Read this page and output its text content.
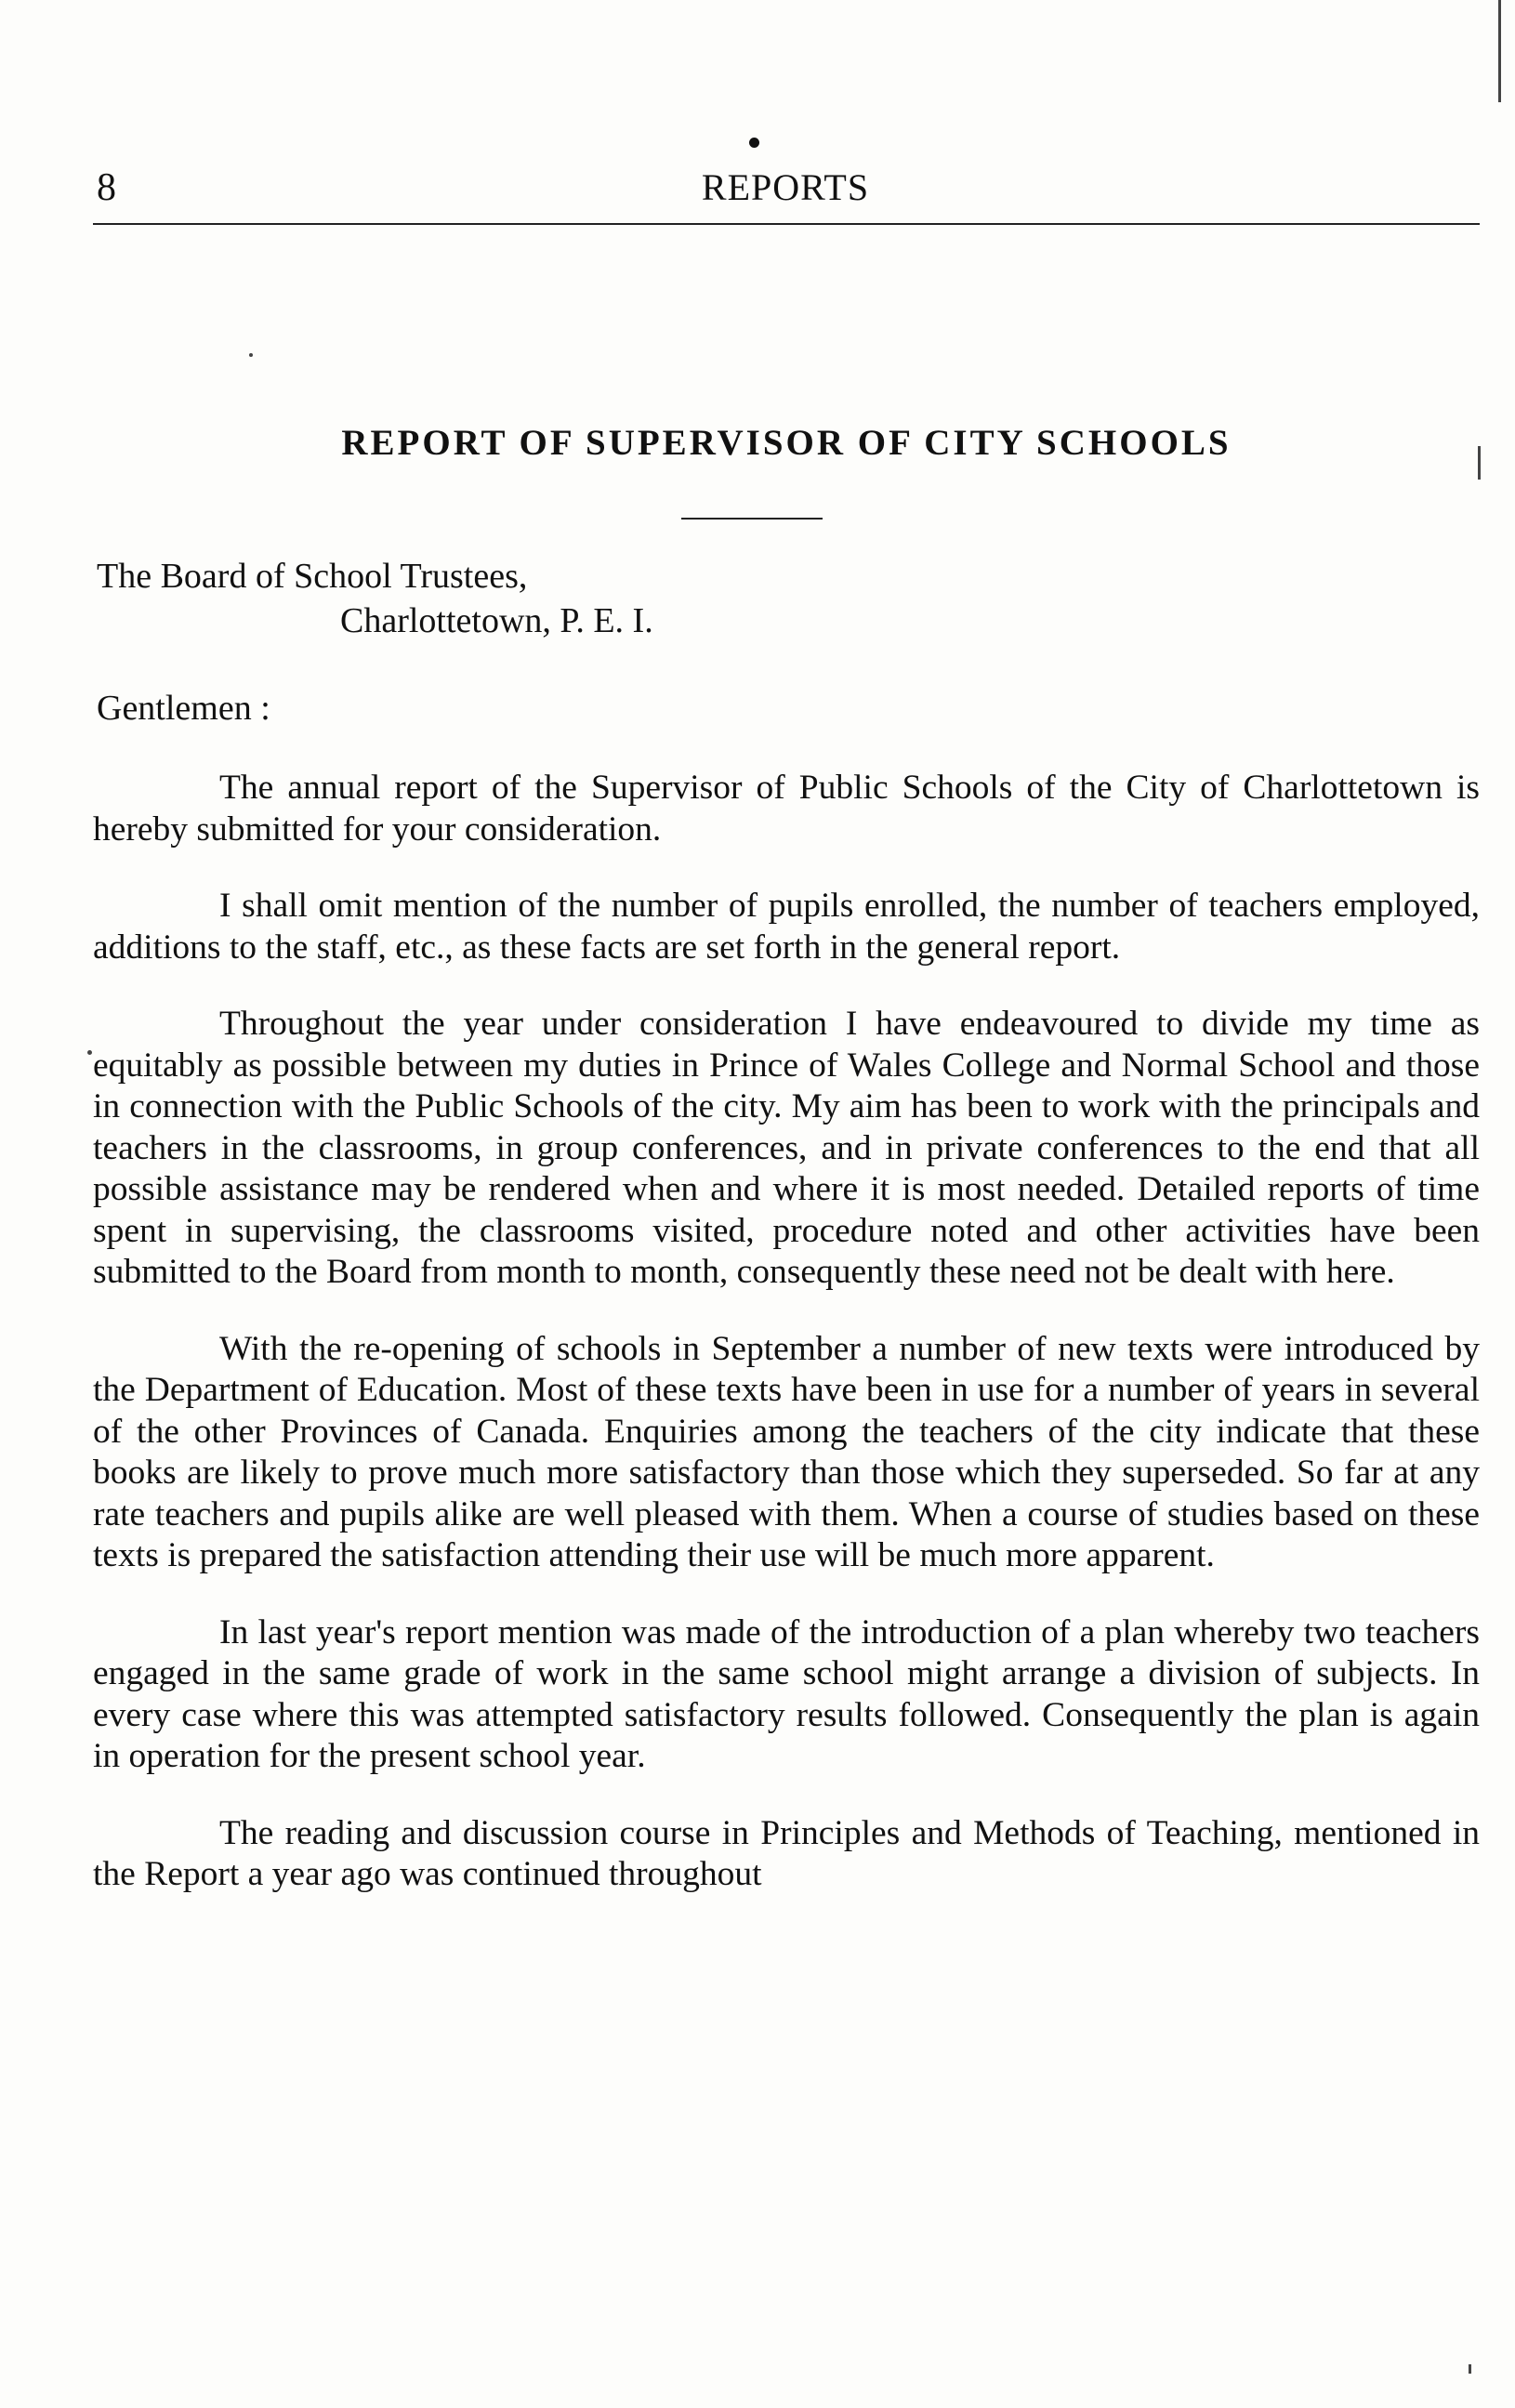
8	REPORTS
REPORT OF SUPERVISOR OF CITY SCHOOLS
The Board of School Trustees,
Charlottetown, P. E. I.
Gentlemen :

The annual report of the Supervisor of Public Schools of the City of Charlottetown is hereby submitted for your consideration.

I shall omit mention of the number of pupils enrolled, the number of teachers employed, additions to the staff, etc., as these facts are set forth in the general report.

Throughout the year under consideration I have endeavoured to divide my time as equitably as possible between my duties in Prince of Wales College and Normal School and those in connection with the Public Schools of the city. My aim has been to work with the principals and teachers in the classrooms, in group conferences, and in private conferences to the end that all possible assistance may be rendered when and where it is most needed. Detailed reports of time spent in supervising, the classrooms visited, procedure noted and other activities have been submitted to the Board from month to month, consequently these need not be dealt with here.

With the re-opening of schools in September a number of new texts were introduced by the Department of Education. Most of these texts have been in use for a number of years in several of the other Provinces of Canada. Enquiries among the teachers of the city indicate that these books are likely to prove much more satisfactory than those which they superseded. So far at any rate teachers and pupils alike are well pleased with them. When a course of studies based on these texts is prepared the satisfaction attending their use will be much more apparent.

In last year's report mention was made of the introduction of a plan whereby two teachers engaged in the same grade of work in the same school might arrange a division of subjects. In every case where this was attempted satisfactory results followed. Consequently the plan is again in operation for the present school year.

The reading and discussion course in Principles and Methods of Teaching, mentioned in the Report a year ago was continued throughout
